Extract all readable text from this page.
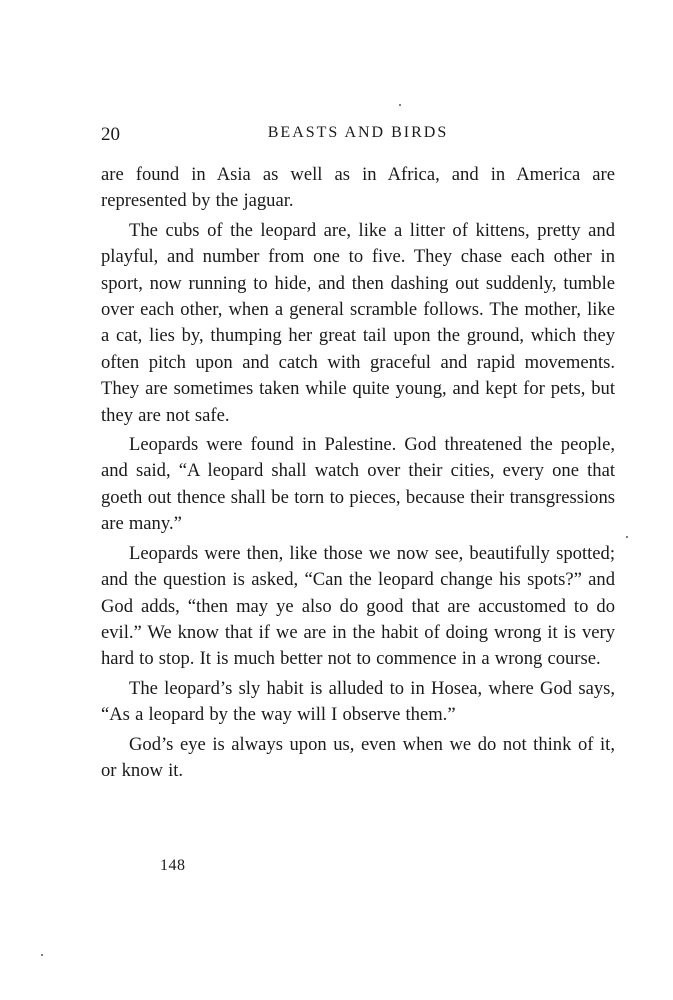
20	BEASTS AND BIRDS

are found in Asia as well as in Africa, and in America are represented by the jaguar.

The cubs of the leopard are, like a litter of kittens, pretty and playful, and number from one to five. They chase each other in sport, now running to hide, and then dashing out suddenly, tumble over each other, when a general scramble follows. The mother, like a cat, lies by, thumping her great tail upon the ground, which they often pitch upon and catch with graceful and rapid movements. They are sometimes taken while quite young, and kept for pets, but they are not safe.

Leopards were found in Palestine. God threatened the people, and said, “A leopard shall watch over their cities, every one that goeth out thence shall be torn to pieces, because their transgressions are many.”

Leopards were then, like those we now see, beautifully spotted; and the question is asked, “Can the leopard change his spots?” and God adds, “then may ye also do good that are accustomed to do evil.” We know that if we are in the habit of doing wrong it is very hard to stop. It is much better not to commence in a wrong course.

The leopard’s sly habit is alluded to in Hosea, where God says, “As a leopard by the way will I observe them.”

God’s eye is always upon us, even when we do not think of it, or know it.

148
